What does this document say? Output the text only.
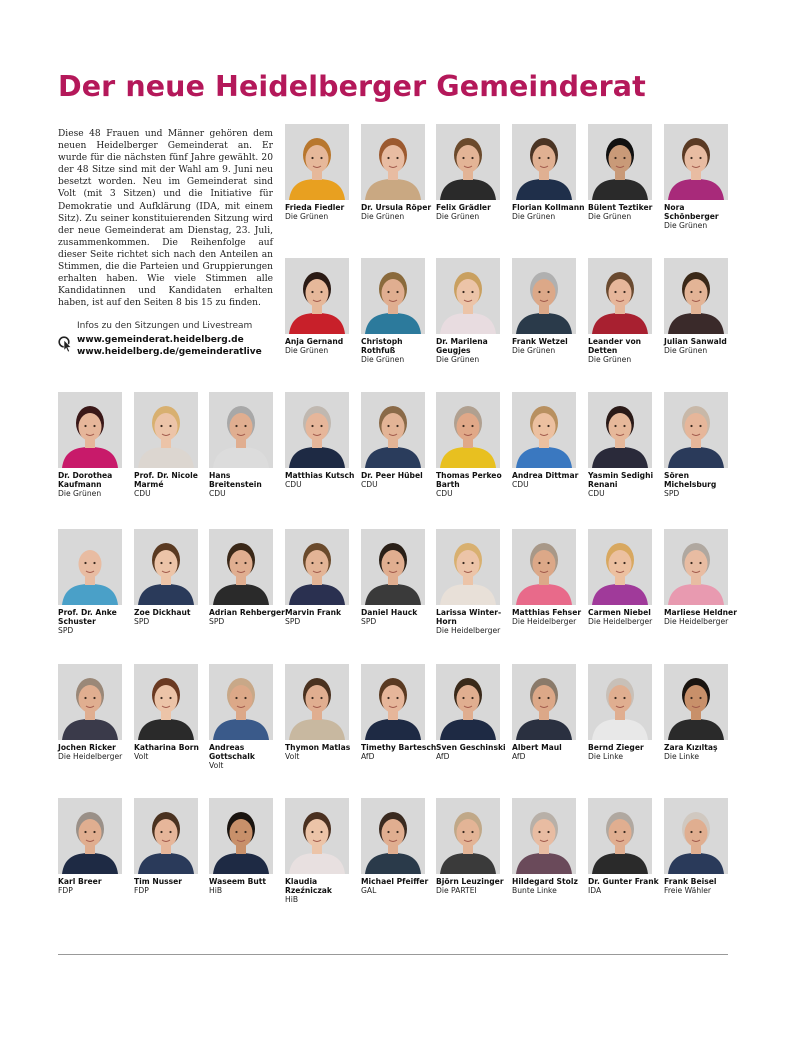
Der neue Heidelberger Gemeinderat

Diese 48 Frauen und Männer gehören dem neuen Heidelberger Gemeinderat an. Er wurde für die nächsten fünf Jahre gewählt. 20 der 48 Sitze sind mit der Wahl am 9. Juni neu besetzt worden. Neu im Gemeinderat sind Volt (mit 3 Sitzen) und die Initiative für Demokratie und Aufklärung (IDA, mit einem Sitz). Zu seiner konstituierenden Sitzung wird der neue Gemeinderat am Dienstag, 23. Juli, zusammenkommen. Die Reihenfolge auf dieser Seite richtet sich nach den Anteilen an Stimmen, die die Parteien und Gruppierungen erhalten haben. Wie viele Stimmen alle Kandidatinnen und Kandidaten erhalten haben, ist auf den Seiten 8 bis 15 zu finden.

Infos zu den Sitzungen und Livestream
www.gemeinderat.heidelberg.de
www.heidelberg.de/gemeinderatlive
Frieda Fiedler
Die Grünen
Dr. Ursula Röper
Die Grünen
Felix Grädler
Die Grünen
Florian Kollmann
Die Grünen
Bülent Teztiker
Die Grünen
Nora Schönberger
Die Grünen
Anja Gernand
Die Grünen
Christoph Rothfuß
Die Grünen
Dr. Marilena Geugjes
Die Grünen
Frank Wetzel
Die Grünen
Leander von Detten
Die Grünen
Julian Sanwald
Die Grünen
Dr. Dorothea Kaufmann
Die Grünen
Prof. Dr. Nicole Marmé
CDU
Hans Breitenstein
CDU
Matthias Kutsch
CDU
Dr. Peer Hübel
CDU
Thomas Perkeo Barth
CDU
Andrea Dittmar
CDU
Yasmin Sedighi Renani
CDU
Sören Michelsburg
SPD
Prof. Dr. Anke Schuster
SPD
Zoe Dickhaut
SPD
Adrian Rehberger
SPD
Marvin Frank
SPD
Daniel Hauck
SPD
Larissa Winter-Horn
Die Heidelberger
Matthias Fehser
Die Heidelberger
Carmen Niebel
Die Heidelberger
Marliese Heldner
Die Heidelberger
Jochen Ricker
Die Heidelberger
Katharina Born
Volt
Andreas Gottschalk
Volt
Thymon Matlas
Volt
Timethy Bartesch
AfD
Sven Geschinski
AfD
Albert Maul
AfD
Bernd Zieger
Die Linke
Zara Kızıltaş
Die Linke
Karl Breer
FDP
Tim Nusser
FDP
Waseem Butt
HiB
Klaudia Rzeźniczak
HiB
Michael Pfeiffer
GAL
Björn Leuzinger
Die PARTEI
Hildegard Stolz
Bunte Linke
Dr. Gunter Frank
IDA
Frank Beisel
Freie Wähler
